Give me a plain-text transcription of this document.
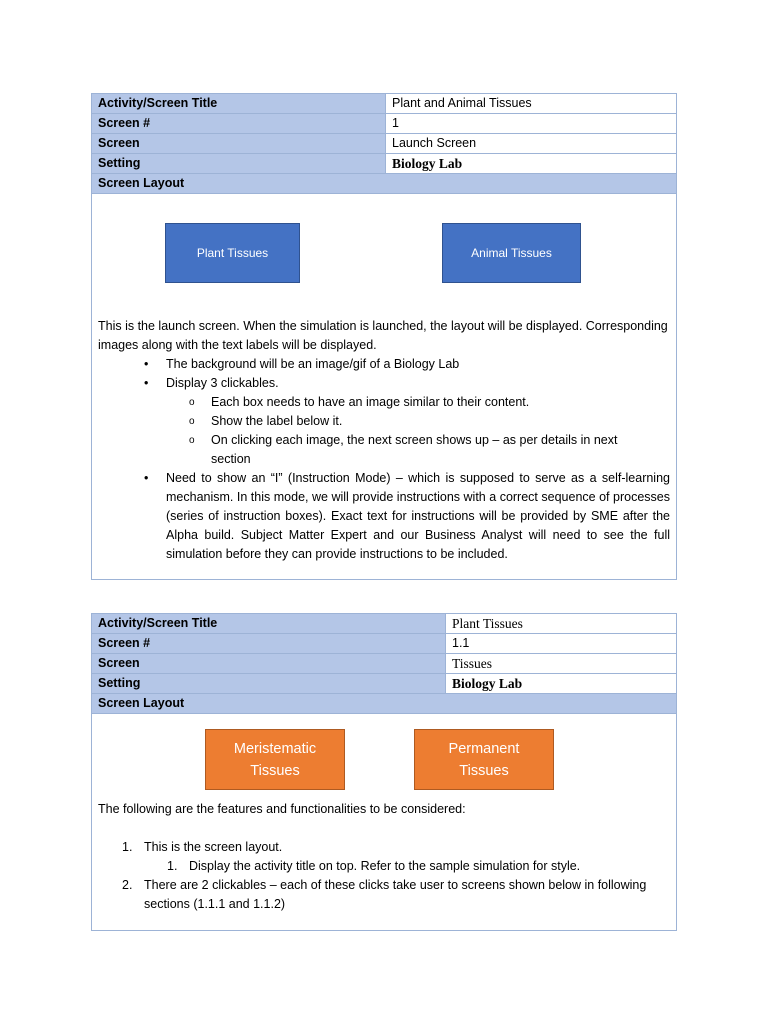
Activity/Screen Title	Plant and Animal Tissues
Screen #	1
Screen	Launch Screen
Setting	Biology Lab
Screen Layout
Plant Tissues	Animal Tissues

This is the launch screen. When the simulation is launched, the layout will be displayed. Corresponding images along with the text labels will be displayed.

• The background will be an image/gif of a Biology Lab
• Display 3 clickables.
o Each box needs to have an image similar to their content.
o Show the label below it.
o On clicking each image, the next screen shows up – as per details in next section
• Need to show an “I” (Instruction Mode) – which is supposed to serve as a self-learning mechanism. In this mode, we will provide instructions with a correct sequence of processes (series of instruction boxes). Exact text for instructions will be provided by SME after the Alpha build. Subject Matter Expert and our Business Analyst will need to see the full simulation before they can provide instructions to be included.
Activity/Screen Title	Plant Tissues
Screen #	1.1
Screen	Tissues
Setting	Biology Lab
Screen Layout
Meristematic
Tissues
Permanent
Tissues

The following are the features and functionalities to be considered:

1. This is the screen layout.
1. Display the activity title on top. Refer to the sample simulation for style.
2. There are 2 clickables – each of these clicks take user to screens shown below in following sections (1.1.1 and 1.1.2)
